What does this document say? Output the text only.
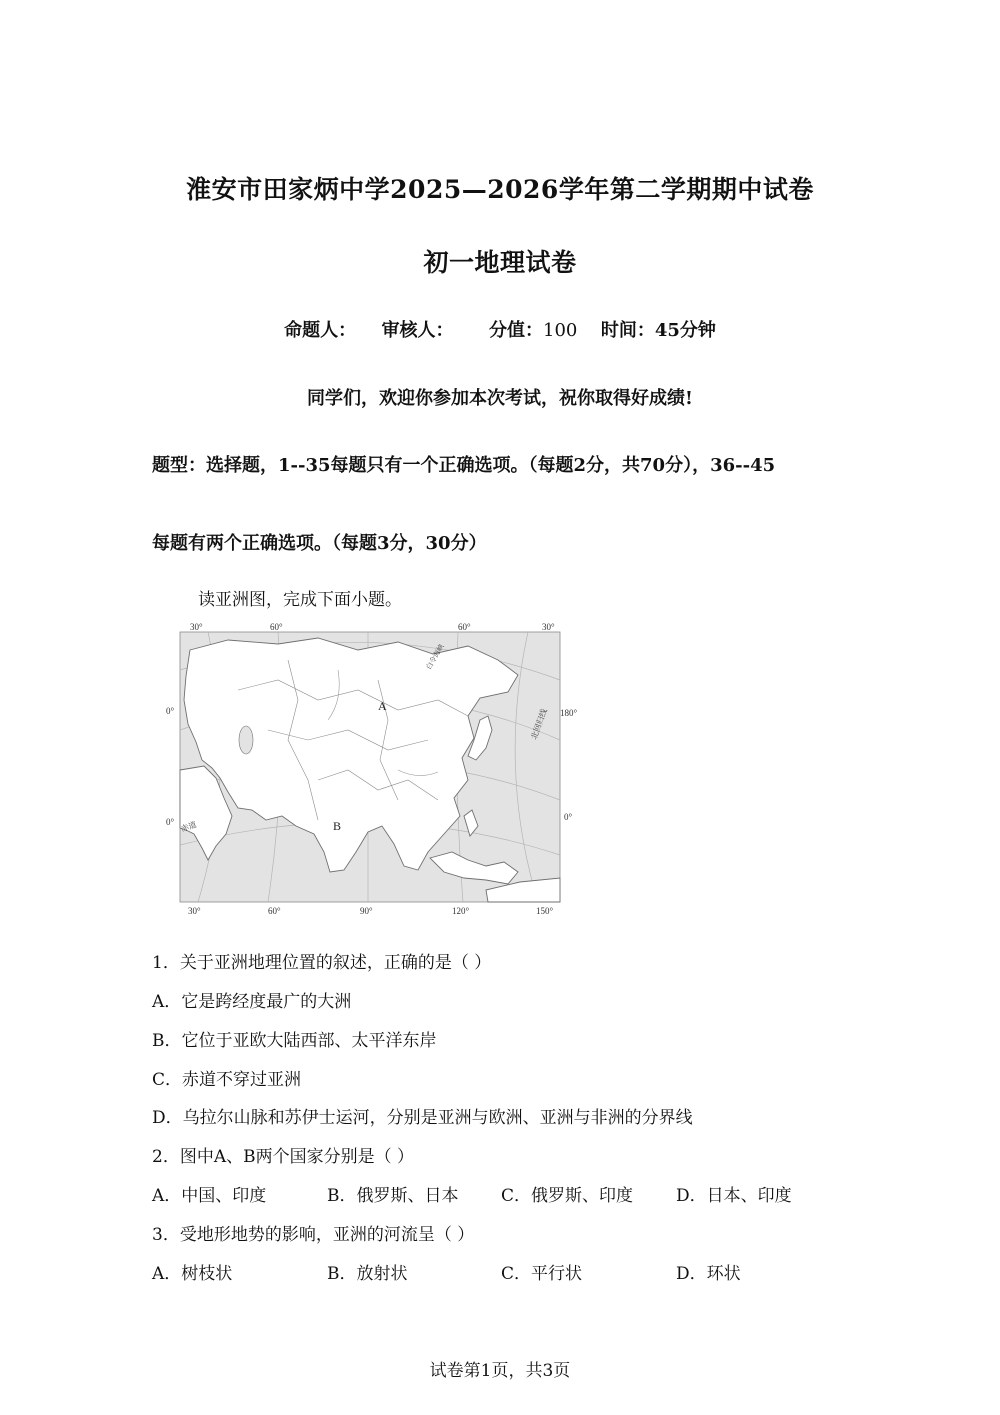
淮安市田家炳中学2025—2026学年第二学期期中试卷
初一地理试卷
命题人： 审核人： 分值：100 时间：45分钟
同学们，欢迎你参加本次考试，祝你取得好成绩!
题型：选择题，1--35每题只有一个正确选项。（每题2分，共70分），36--45
每题有两个正确选项。（每题3分，30分）
读亚洲图，完成下面小题。
30°	60°	60°	30°
0°
0°
180°
0°
30°	60°	90°	120°	150°
A
B
赤道
北回归线
白令海峡
1．关于亚洲地理位置的叙述，正确的是（ ）
A．它是跨经度最广的大洲
B．它位于亚欧大陆西部、太平洋东岸
C．赤道不穿过亚洲
D．乌拉尔山脉和苏伊士运河，分别是亚洲与欧洲、亚洲与非洲的分界线
2．图中A、B两个国家分别是（ ）
A．中国、印度	B．俄罗斯、日本	C．俄罗斯、印度	D．日本、印度
3．受地形地势的影响，亚洲的河流呈（ ）
A．树枝状	B．放射状	C．平行状	D．环状
试卷第1页，共3页
